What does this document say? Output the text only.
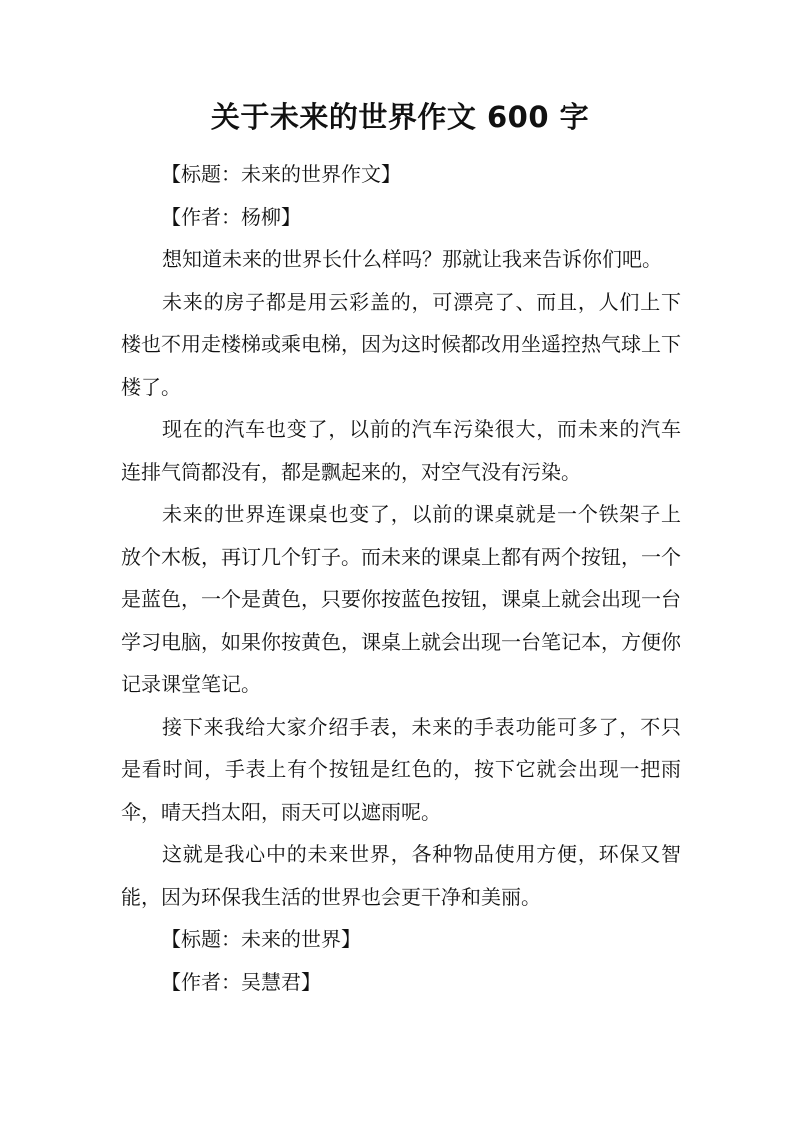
关于未来的世界作文 600 字

【标题：未来的世界作文】

【作者：杨柳】

想知道未来的世界长什么样吗？那就让我来告诉你们吧。

未来的房子都是用云彩盖的，可漂亮了、而且，人们上下楼也不用走楼梯或乘电梯，因为这时候都改用坐遥控热气球上下楼了。

现在的汽车也变了，以前的汽车污染很大，而未来的汽车连排气筒都没有，都是飘起来的，对空气没有污染。

未来的世界连课桌也变了，以前的课桌就是一个铁架子上放个木板，再订几个钉子。而未来的课桌上都有两个按钮，一个是蓝色，一个是黄色，只要你按蓝色按钮，课桌上就会出现一台学习电脑，如果你按黄色，课桌上就会出现一台笔记本，方便你记录课堂笔记。

接下来我给大家介绍手表，未来的手表功能可多了，不只是看时间，手表上有个按钮是红色的，按下它就会出现一把雨伞，晴天挡太阳，雨天可以遮雨呢。

这就是我心中的未来世界，各种物品使用方便，环保又智能，因为环保我生活的世界也会更干净和美丽。

【标题：未来的世界】

【作者：吴慧君】
